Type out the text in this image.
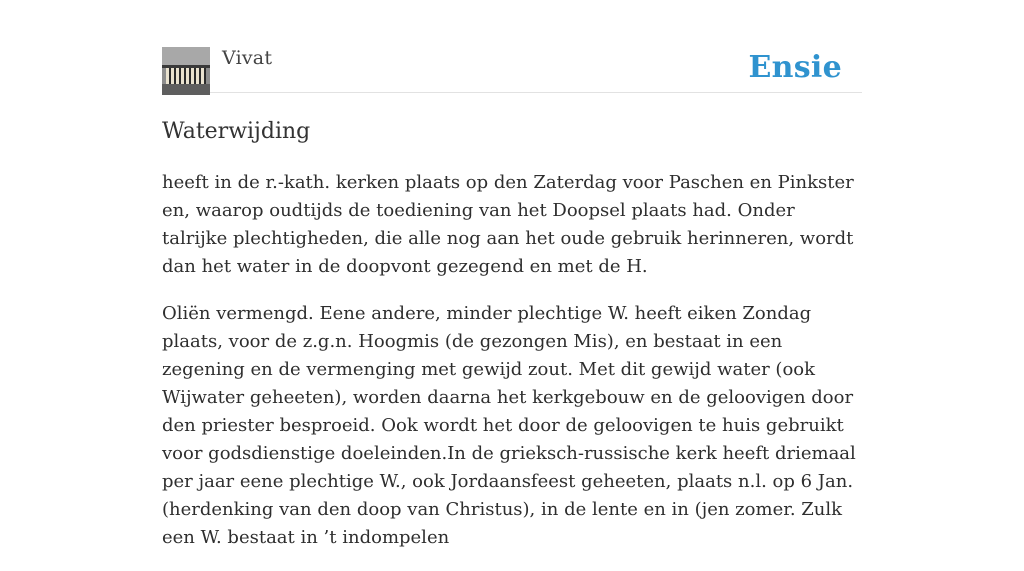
Vivat	Ensie
Waterwijding

heeft in de r.-kath. kerken plaats op den Zaterdag voor Paschen en Pinkster en, waarop oudtijds de toediening van het Doopsel plaats had. Onder talrijke plechtigheden, die alle nog aan het oude gebruik herinneren, wordt dan het water in de doopvont gezegend en met de H.

Oliën vermengd. Eene andere, minder plechtige W. heeft eiken Zondag plaats, voor de z.g.n. Hoogmis (de gezongen Mis), en bestaat in een zegening en de vermenging met gewijd zout. Met dit gewijd water (ook Wijwater geheeten), worden daarna het kerkgebouw en de geloovigen door den priester besproeid. Ook wordt het door de geloovigen te huis gebruikt voor godsdienstige doeleinden.In de grieksch-russische kerk heeft driemaal per jaar eene plechtige W., ook Jordaansfeest geheeten, plaats n.l. op 6 Jan. (herdenking van den doop van Christus), in de lente en in (jen zomer. Zulk een W. bestaat in ’t indompelen
